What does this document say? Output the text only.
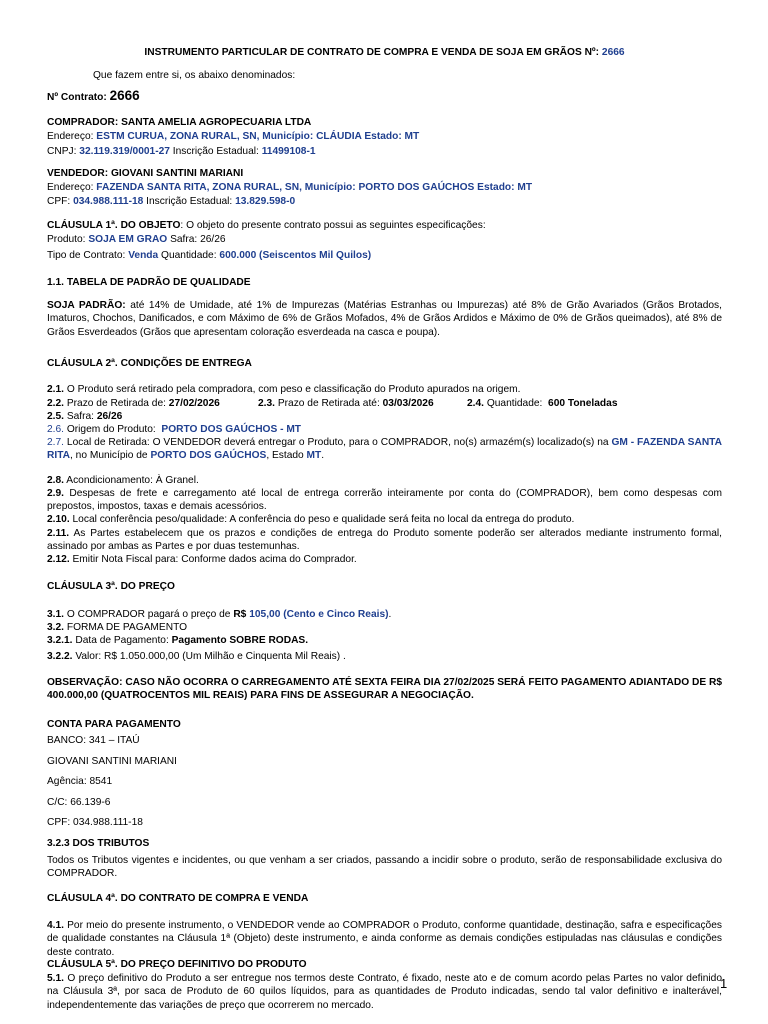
INSTRUMENTO PARTICULAR DE CONTRATO DE COMPRA E VENDA DE SOJA EM GRÃOS Nº: 2666
Que fazem entre si, os abaixo denominados:
Nº Contrato: 2666
COMPRADOR: SANTA AMELIA AGROPECUARIA LTDA
Endereço: ESTM CURUA, ZONA RURAL, SN, Município: CLÁUDIA Estado: MT
CNPJ: 32.119.319/0001-27 Inscrição Estadual: 11499108-1
VENDEDOR: GIOVANI SANTINI MARIANI
Endereço: FAZENDA SANTA RITA, ZONA RURAL, SN, Município: PORTO DOS GAÚCHOS Estado: MT
CPF: 034.988.111-18 Inscrição Estadual: 13.829.598-0
CLÁUSULA 1ª. DO OBJETO: O objeto do presente contrato possui as seguintes especificações:
Produto: SOJA EM GRAO Safra: 26/26
Tipo de Contrato: Venda Quantidade: 600.000 (Seiscentos Mil Quilos)
1.1. TABELA DE PADRÃO DE QUALIDADE
SOJA PADRÃO: até 14% de Umidade, até 1% de Impurezas (Matérias Estranhas ou Impurezas) até 8% de Grão Avariados (Grãos Brotados, Imaturos, Chochos, Danificados, e com Máximo de 6% de Grãos Mofados, 4% de Grãos Ardidos e Máximo de 0% de Grãos queimados), até 8% de Grãos Esverdeados (Grãos que apresentam coloração esverdeada na casca e poupa).
CLÁUSULA 2ª. CONDIÇÕES DE ENTREGA
2.1. O Produto será retirado pela compradora, com peso e classificação do Produto apurados na origem.
2.2. Prazo de Retirada de: 27/02/2026	2.3. Prazo de Retirada até: 03/03/2026	2.4. Quantidade: 600 Toneladas
2.5. Safra: 26/26
2.6. Origem do Produto: PORTO DOS GAÚCHOS - MT
2.7. Local de Retirada: O VENDEDOR deverá entregar o Produto, para o COMPRADOR, no(s) armazém(s) localizado(s) na GM - FAZENDA SANTA RITA, no Município de PORTO DOS GAÚCHOS, Estado MT.
2.8. Acondicionamento: À Granel.
2.9. Despesas de frete e carregamento até local de entrega correrão inteiramente por conta do (COMPRADOR), bem como despesas com prepostos, impostos, taxas e demais acessórios.
2.10. Local conferência peso/qualidade: A conferência do peso e qualidade será feita no local da entrega do produto.
2.11. As Partes estabelecem que os prazos e condições de entrega do Produto somente poderão ser alterados mediante instrumento formal, assinado por ambas as Partes e por duas testemunhas.
2.12. Emitir Nota Fiscal para: Conforme dados acima do Comprador.
CLÁUSULA 3ª. DO PREÇO
3.1. O COMPRADOR pagará o preço de R$ 105,00 (Cento e Cinco Reais).
3.2. FORMA DE PAGAMENTO
3.2.1. Data de Pagamento: Pagamento SOBRE RODAS.
3.2.2. Valor: R$ 1.050.000,00 (Um Milhão e Cinquenta Mil Reais) .
OBSERVAÇÃO: CASO NÃO OCORRA O CARREGAMENTO ATÉ SEXTA FEIRA DIA 27/02/2025 SERÁ FEITO PAGAMENTO ADIANTADO DE R$ 400.000,00 (QUATROCENTOS MIL REAIS) PARA FINS DE ASSEGURAR A NEGOCIAÇÃO.
CONTA PARA PAGAMENTO
BANCO: 341 – ITAÚ
GIOVANI SANTINI MARIANI
Agência: 8541
C/C: 66.139-6
CPF: 034.988.111-18
3.2.3 DOS TRIBUTOS
Todos os Tributos vigentes e incidentes, ou que venham a ser criados, passando a incidir sobre o produto, serão de responsabilidade exclusiva do COMPRADOR.
CLÁUSULA 4ª. DO CONTRATO DE COMPRA E VENDA
4.1. Por meio do presente instrumento, o VENDEDOR vende ao COMPRADOR o Produto, conforme quantidade, destinação, safra e especificações de qualidade constantes na Cláusula 1ª (Objeto) deste instrumento, e ainda conforme as demais condições estipuladas nas cláusulas e condições deste contrato.
CLÁUSULA 5ª. DO PREÇO DEFINITIVO DO PRODUTO
5.1. O preço definitivo do Produto a ser entregue nos termos deste Contrato, é fixado, neste ato e de comum acordo pelas Partes no valor definido na Cláusula 3ª, por saca de Produto de 60 quilos líquidos, para as quantidades de Produto indicadas, sendo tal valor definitivo e inalterável, independentemente das variações de preço que ocorrerem no mercado.
1
